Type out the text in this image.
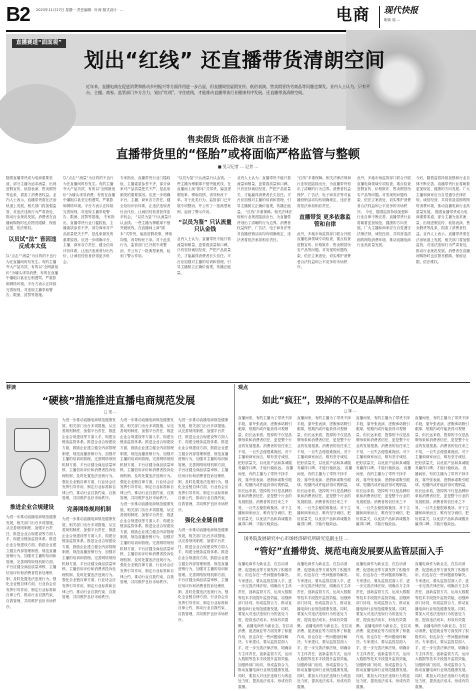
B2 2023年11月27日 星期一 责任编辑：叶涛 版式设计：...	电商 现代快报
刷读 周 ...
直播赛道“面面观”
划出“红线” 还直播带货清朗空间
近年来，直播电商在促进消费和推动乡村振兴等方面作用进一步凸显，但直播间里虚假宣传、低俗表演、售卖假冒伪劣商品等问题也频发。业内人士认为，只有平台、主播、商家、监管部门多方合力，划出“红线”，守住底线，才能推动直播带货行业健康有序发展，还直播带货清朗空间。
售卖假货 低俗表演 出言不逊
直播带货里的“怪胎”或将面临严格监管与整顿
■ 见习记者 ... 记者 ...
随着直播带货成为电商重要渠道，部分主播为追求流量，出现虚假宣传、低俗表演、售卖假货等乱象，损害了消费者权益。业内人士表示，直播带货需在法治轨道上发展，相关部门将加强监管，对违法违规行为严肃查处，推动行业规范发展。消费者在直播间购物时也应擦亮眼睛，保留证据，依法维权。
以员试“法” 皆因违反成本太低
以“点击”“流量”为目的的不良行为在直播间时有发生。有的主播夸大产品功效，有的以“全网最低价”为噱头诱导消费，有的在直播中爆粗口甚至互相谩骂，严重影响网络环境。平台方表示正持续完善规则，对违规主播采取警告、限流、封禁等措施。
以“点击”“流量”为目的的不良行为在直播间时有发生。有的主播夸大产品功效，有的以“全网最低价”为噱头诱导消费，有的在直播中爆粗口甚至互相谩骂，严重影响网络环境。平台方表示正持续完善规则，对违规主播采取警告、限流、封禁等措施。 专家指出，直播带货行业门槛较低，主播素质参差不齐，部分商家对产品质量把关不严，是乱象频发的重要原因。应进一步明确平台、主播、商家各方责任，健全信用评价体系，让违法违规者付出代价，让诚信经营者获得更多机会。
专家指出，直播带货行业门槛较低，主播素质参差不齐，部分商家对产品质量把关不严，是乱象频发的重要原因。应进一步明确平台、主播、商家各方责任，健全信用评价体系，让违法违规者付出代价，让诚信经营者获得更多机会。 “以员为鉴”只认流量只认金钱。一些主播为博眼球不惜突破底线，在直播间上演“剧本”式带货，编造虚假故事，博取同情，诱导粉丝下单。对于此类行为，监管部门已开展专项整治，并公布了一批典型案例，起到了警示作用。
“以员为鉴”只认流量只认金钱。一些主播为博眼球不惜突破底线，在直播间上演“剧本”式带货，编造虚假故事，博取同情，诱导粉丝下单。对于此类行为，监管部门已开展专项整治，并公布了一批典型案例，起到了警示作用。
“以员为鉴” 只认流量只认金钱
业内人士认为，直播带货不能只看流量和销量，更要看质量和口碑。只有坚持诚信经营，严把产品质量关，才能赢得消费者长久信任。平台应加强对主播的培训和管理，引导主播树立正确价值观，传播正能量。
业内人士认为，直播带货不能只看流量和销量，更要看质量和口碑。只有坚持诚信经营，严把产品质量关，才能赢得消费者长久信任。平台应加强对主播的培训和管理，引导主播树立正确价值观，传播正能量。 “红线”多重保障。相关法律法规和行业规范陆续出台，为直播带货划出了清晰的行为边界。消费者权益保护、广告法、电子商务法等对直播营销活动均有明确规定，违法者将依法承担相应责任。
“红线”多重保障。相关法律法规和行业规范陆续出台，为直播带货划出了清晰的行为边界。消费者权益保护、广告法、电子商务法等对直播营销活动均有明确规定，违法者将依法承担相应责任。
直播带货 更多依靠监管和自律
此外，多地市场监管部门联合开展直播电商领域专项检查，重点检查虚假宣传、价格欺诈、售卖假冒伪劣产品等问题。对发现的问题线索，依法立案查处，切实维护消费者合法权益和公平竞争的市场秩序。
此外，多地市场监管部门联合开展直播电商领域专项检查，重点检查虚假宣传、价格欺诈、售卖假冒伪劣产品等问题。对发现的问题线索，依法立案查处，切实维护消费者合法权益和公平竞争的市场秩序。 今后，随着监管持续加强和行业自律不断完善，直播带货行业将朝着更加规范、健康的方向发展。广大主播和商家应当自觉遵守法律法规，诚信经营，共同营造清朗的网络消费环境，推动直播电商行业高质量发展。
今后，随着监管持续加强和行业自律不断完善，直播带货行业将朝着更加规范、健康的方向发展。广大主播和商家应当自觉遵守法律法规，诚信经营，共同营造清朗的网络消费环境，推动直播电商行业高质量发展。 随着直播带货成为电商重要渠道，部分主播为追求流量，出现虚假宣传、低俗表演、售卖假货等乱象，损害了消费者权益。业内人士表示，直播带货需在法治轨道上发展，相关部门将加强监管，对违法违规行为严肃查处，推动行业规范发展。消费者在直播间购物时也应擦亮眼睛，保留证据，依法维权。
荐读
“硬核”措施推进直播电商规范发展
□ 见 ...
推进企业合规建设
为进一步推动直播电商规范健康发展，相关部门出台多项措施，从完善规则制度、加强平台责任、推进企业合规建设等方面入手，构建全链条监管体系。推进企业合规建设方面，鼓励企业建立健全内部管理制度，规范直播营销行为，加强对主播的培训和管理。完善网络规则机制方面，平台应健全商品质量审核、主播信用评价和消费者投诉处理机制，及时处置违法违规行为。强化全业链自律方面，行业协会应发挥引导作用，制定行业标准和自律公约，推动行业自我约束、自我管理，共同维护良好市场秩序。
为进一步推动直播电商规范健康发展，相关部门出台多项措施，从完善规则制度、加强平台责任、推进企业合规建设等方面入手，构建全链条监管体系。推进企业合规建设方面，鼓励企业建立健全内部管理制度，规范直播营销行为，加强对主播的培训和管理。完善网络规则机制方面，平台应健全商品质量审核、主播信用评价和消费者投诉处理机制，及时处置违法违规行为。强化全业链自律方面，行业协会应发挥引导作用，制定行业标准和自律公约，推动行业自我约束、自我管理，共同维护良好市场秩序。
完善网络规则机制
为进一步推动直播电商规范健康发展，相关部门出台多项措施，从完善规则制度、加强平台责任、推进企业合规建设等方面入手，构建全链条监管体系。推进企业合规建设方面，鼓励企业建立健全内部管理制度，规范直播营销行为，加强对主播的培训和管理。完善网络规则机制方面，平台应健全商品质量审核、主播信用评价和消费者投诉处理机制，及时处置违法违规行为。强化全业链自律方面，行业协会应发挥引导作用，制定行业标准和自律公约，推动行业自我约束、自我管理，共同维护良好市场秩序。
为进一步推动直播电商规范健康发展，相关部门出台多项措施，从完善规则制度、加强平台责任、推进企业合规建设等方面入手，构建全链条监管体系。推进企业合规建设方面，鼓励企业建立健全内部管理制度，规范直播营销行为，加强对主播的培训和管理。完善网络规则机制方面，平台应健全商品质量审核、主播信用评价和消费者投诉处理机制，及时处置违法违规行为。强化全业链自律方面，行业协会应发挥引导作用，制定行业标准和自律公约，推动行业自我约束、自我管理，共同维护良好市场秩序。 为进一步推动直播电商规范健康发展，相关部门出台多项措施，从完善规则制度、加强平台责任、推进企业合规建设等方面入手，构建全链条监管体系。推进企业合规建设方面，鼓励企业建立健全内部管理制度，规范直播营销行为，加强对主播的培训和管理。完善网络规则机制方面，平台应健全商品质量审核、主播信用评价和消费者投诉处理机制，及时处置违法违规行为。强化全业链自律方面，行业协会应发挥引导作用，制定行业标准和自律公约，推动行业自我约束、自我管理，共同维护良好市场秩序。
为进一步推动直播电商规范健康发展，相关部门出台多项措施，从完善规则制度、加强平台责任、推进企业合规建设等方面入手，构建全链条监管体系。推进企业合规建设方面，鼓励企业建立健全内部管理制度，规范直播营销行为，加强对主播的培训和管理。完善网络规则机制方面，平台应健全商品质量审核、主播信用评价和消费者投诉处理机制，及时处置违法违规行为。强化全业链自律方面，行业协会应发挥引导作用，制定行业标准和自律公约，推动行业自我约束、自我管理，共同维护良好市场秩序。
强化全业链自律
为进一步推动直播电商规范健康发展，相关部门出台多项措施，从完善规则制度、加强平台责任、推进企业合规建设等方面入手，构建全链条监管体系。推进企业合规建设方面，鼓励企业建立健全内部管理制度，规范直播营销行为，加强对主播的培训和管理。完善网络规则机制方面，平台应健全商品质量审核、主播信用评价和消费者投诉处理机制，及时处置违法违规行为。强化全业链自律方面，行业协会应发挥引导作用，制定行业标准和自律公约，推动行业自我约束、自我管理，共同维护良好市场秩序。
观点
如此“疯狂”，毁掉的不仅是品牌和信任
□ 陈 ...
直播间里，有的主播为了带货不择手段，靠夸张表演、虚假承诺吸引眼球，短期内或许能获得可观销量，但长远来看，毁掉的不仅是品牌形象和消费者信任，更是整个行业的发展根基。消费者的信任来之不易，一旦失去便很难挽回。对于主播和商家而言，唯有坚守诚信，把好质量关，以优质产品和真诚服务赢得口碑，才能行稳致远。 直播间里，有的主播为了带货不择手段，靠夸张表演、虚假承诺吸引眼球，短期内或许能获得可观销量，但长远来看，毁掉的不仅是品牌形象和消费者信任，更是整个行业的发展根基。消费者的信任来之不易，一旦失去便很难挽回。对于主播和商家而言，唯有坚守诚信，把好质量关，以优质产品和真诚服务赢得口碑，才能行稳致远。
直播间里，有的主播为了带货不择手段，靠夸张表演、虚假承诺吸引眼球，短期内或许能获得可观销量，但长远来看，毁掉的不仅是品牌形象和消费者信任，更是整个行业的发展根基。消费者的信任来之不易，一旦失去便很难挽回。对于主播和商家而言，唯有坚守诚信，把好质量关，以优质产品和真诚服务赢得口碑，才能行稳致远。 直播间里，有的主播为了带货不择手段，靠夸张表演、虚假承诺吸引眼球，短期内或许能获得可观销量，但长远来看，毁掉的不仅是品牌形象和消费者信任，更是整个行业的发展根基。消费者的信任来之不易，一旦失去便很难挽回。对于主播和商家而言，唯有坚守诚信，把好质量关，以优质产品和真诚服务赢得口碑，才能行稳致远。
直播间里，有的主播为了带货不择手段，靠夸张表演、虚假承诺吸引眼球，短期内或许能获得可观销量，但长远来看，毁掉的不仅是品牌形象和消费者信任，更是整个行业的发展根基。消费者的信任来之不易，一旦失去便很难挽回。对于主播和商家而言，唯有坚守诚信，把好质量关，以优质产品和真诚服务赢得口碑，才能行稳致远。 直播间里，有的主播为了带货不择手段，靠夸张表演、虚假承诺吸引眼球，短期内或许能获得可观销量，但长远来看，毁掉的不仅是品牌形象和消费者信任，更是整个行业的发展根基。消费者的信任来之不易，一旦失去便很难挽回。对于主播和商家而言，唯有坚守诚信，把好质量关，以优质产品和真诚服务赢得口碑，才能行稳致远。
直播间里，有的主播为了带货不择手段，靠夸张表演、虚假承诺吸引眼球，短期内或许能获得可观销量，但长远来看，毁掉的不仅是品牌形象和消费者信任，更是整个行业的发展根基。消费者的信任来之不易，一旦失去便很难挽回。对于主播和商家而言，唯有坚守诚信，把好质量关，以优质产品和真诚服务赢得口碑，才能行稳致远。 直播间里，有的主播为了带货不择手段，靠夸张表演、虚假承诺吸引眼球，短期内或许能获得可观销量，但长远来看，毁掉的不仅是品牌形象和消费者信任，更是整个行业的发展根基。消费者的信任来之不易，一旦失去便很难挽回。对于主播和商家而言，唯有坚守诚信，把好质量关，以优质产品和真诚服务赢得口碑，才能行稳致远。
国务院发展研究中心市场经济研究所研究室副主任 ...
“管好”直播带货、规范电商发展要从监管层面入手
直播电商作为新业态，在拉动消费、促进就业等方面发挥了积极作用，但也存在一些问题亟待解决。专家建议，要从监管层面入手，进一步完善法律法规，明确各方主体责任，创新监管方式，运用大数据等技术手段提升监管效能，加强跨部门协同，形成监管合力，推动直播电商行业规范健康发展。同时，要加大对违法违规行为的惩处力度，提高违法成本，形成有效震慑。 直播电商作为新业态，在拉动消费、促进就业等方面发挥了积极作用，但也存在一些问题亟待解决。专家建议，要从监管层面入手，进一步完善法律法规，明确各方主体责任，创新监管方式，运用大数据等技术手段提升监管效能，加强跨部门协同，形成监管合力，推动直播电商行业规范健康发展。同时，要加大对违法违规行为的惩处力度，提高违法成本，形成有效震慑。
直播电商作为新业态，在拉动消费、促进就业等方面发挥了积极作用，但也存在一些问题亟待解决。专家建议，要从监管层面入手，进一步完善法律法规，明确各方主体责任，创新监管方式，运用大数据等技术手段提升监管效能，加强跨部门协同，形成监管合力，推动直播电商行业规范健康发展。同时，要加大对违法违规行为的惩处力度，提高违法成本，形成有效震慑。 直播电商作为新业态，在拉动消费、促进就业等方面发挥了积极作用，但也存在一些问题亟待解决。专家建议，要从监管层面入手，进一步完善法律法规，明确各方主体责任，创新监管方式，运用大数据等技术手段提升监管效能，加强跨部门协同，形成监管合力，推动直播电商行业规范健康发展。同时，要加大对违法违规行为的惩处力度，提高违法成本，形成有效震慑。
直播电商作为新业态，在拉动消费、促进就业等方面发挥了积极作用，但也存在一些问题亟待解决。专家建议，要从监管层面入手，进一步完善法律法规，明确各方主体责任，创新监管方式，运用大数据等技术手段提升监管效能，加强跨部门协同，形成监管合力，推动直播电商行业规范健康发展。同时，要加大对违法违规行为的惩处力度，提高违法成本，形成有效震慑。 直播电商作为新业态，在拉动消费、促进就业等方面发挥了积极作用，但也存在一些问题亟待解决。专家建议，要从监管层面入手，进一步完善法律法规，明确各方主体责任，创新监管方式，运用大数据等技术手段提升监管效能，加强跨部门协同，形成监管合力，推动直播电商行业规范健康发展。同时，要加大对违法违规行为的惩处力度，提高违法成本，形成有效震慑。
直播电商作为新业态，在拉动消费、促进就业等方面发挥了积极作用，但也存在一些问题亟待解决。专家建议，要从监管层面入手，进一步完善法律法规，明确各方主体责任，创新监管方式，运用大数据等技术手段提升监管效能，加强跨部门协同，形成监管合力，推动直播电商行业规范健康发展。同时，要加大对违法违规行为的惩处力度，提高违法成本，形成有效震慑。 直播电商作为新业态，在拉动消费、促进就业等方面发挥了积极作用，但也存在一些问题亟待解决。专家建议，要从监管层面入手，进一步完善法律法规，明确各方主体责任，创新监管方式，运用大数据等技术手段提升监管效能，加强跨部门协同，形成监管合力，推动直播电商行业规范健康发展。同时，要加大对违法违规行为的惩处力度，提高违法成本，形成有效震慑。
